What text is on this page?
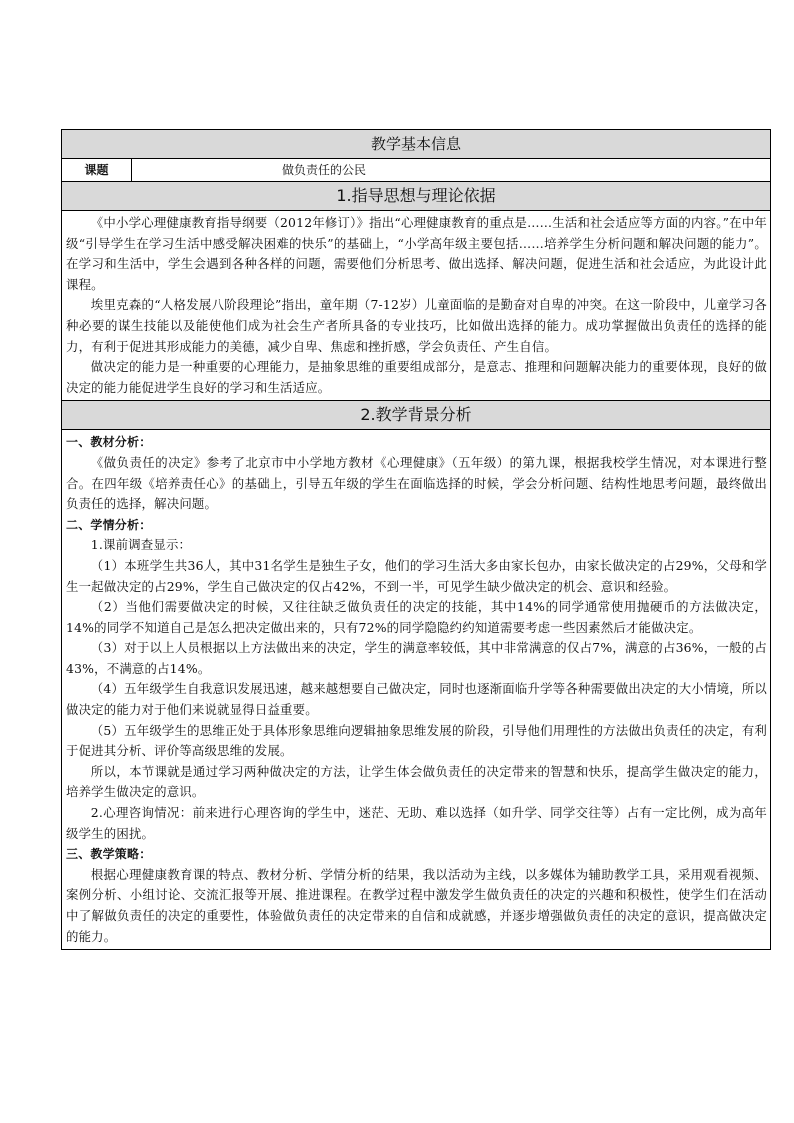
教学基本信息
课题	做负责任的公民
1.指导思想与理论依据

《中小学心理健康教育指导纲要（2012年修订）》指出“心理健康教育的重点是……生活和社会适应等方面的内容。”在中年级“引导学生在学习生活中感受解决困难的快乐”的基础上，“小学高年级主要包括……培养学生分析问题和解决问题的能力”。在学习和生活中，学生会遇到各种各样的问题，需要他们分析思考、做出选择、解决问题，促进生活和社会适应，为此设计此课程。

埃里克森的“人格发展八阶段理论”指出，童年期（7-12岁）儿童面临的是勤奋对自卑的冲突。在这一阶段中，儿童学习各种必要的谋生技能以及能使他们成为社会生产者所具备的专业技巧，比如做出选择的能力。成功掌握做出负责任的选择的能力，有利于促进其形成能力的美德，减少自卑、焦虑和挫折感，学会负责任、产生自信。

做决定的能力是一种重要的心理能力，是抽象思维的重要组成部分，是意志、推理和问题解决能力的重要体现，良好的做决定的能力能促进学生良好的学习和生活适应。

2.教学背景分析

一、教材分析：

《做负责任的决定》参考了北京市中小学地方教材《心理健康》（五年级）的第九课，根据我校学生情况，对本课进行整合。在四年级《培养责任心》的基础上，引导五年级的学生在面临选择的时候，学会分析问题、结构性地思考问题，最终做出负责任的选择，解决问题。

二、学情分析：

1.课前调查显示：

（1）本班学生共36人，其中31名学生是独生子女，他们的学习生活大多由家长包办，由家长做决定的占29%，父母和学生一起做决定的占29%，学生自己做决定的仅占42%，不到一半，可见学生缺少做决定的机会、意识和经验。

（2）当他们需要做决定的时候，又往往缺乏做负责任的决定的技能，其中14%的同学通常使用抛硬币的方法做决定，14%的同学不知道自己是怎么把决定做出来的，只有72%的同学隐隐约约知道需要考虑一些因素然后才能做决定。

（3）对于以上人员根据以上方法做出来的决定，学生的满意率较低，其中非常满意的仅占7%，满意的占36%，一般的占43%，不满意的占14%。

（4）五年级学生自我意识发展迅速，越来越想要自己做决定，同时也逐渐面临升学等各种需要做出决定的大小情境，所以做决定的能力对于他们来说就显得日益重要。

（5）五年级学生的思维正处于具体形象思维向逻辑抽象思维发展的阶段，引导他们用理性的方法做出负责任的决定，有利于促进其分析、评价等高级思维的发展。

所以，本节课就是通过学习两种做决定的方法，让学生体会做负责任的决定带来的智慧和快乐，提高学生做决定的能力，培养学生做决定的意识。

2.心理咨询情况：前来进行心理咨询的学生中，迷茫、无助、难以选择（如升学、同学交往等）占有一定比例，成为高年级学生的困扰。

三、教学策略：

根据心理健康教育课的特点、教材分析、学情分析的结果，我以活动为主线，以多媒体为辅助教学工具，采用观看视频、案例分析、小组讨论、交流汇报等开展、推进课程。在教学过程中激发学生做负责任的决定的兴趣和积极性，使学生们在活动中了解做负责任的决定的重要性，体验做负责任的决定带来的自信和成就感，并逐步增强做负责任的决定的意识，提高做决定的能力。
